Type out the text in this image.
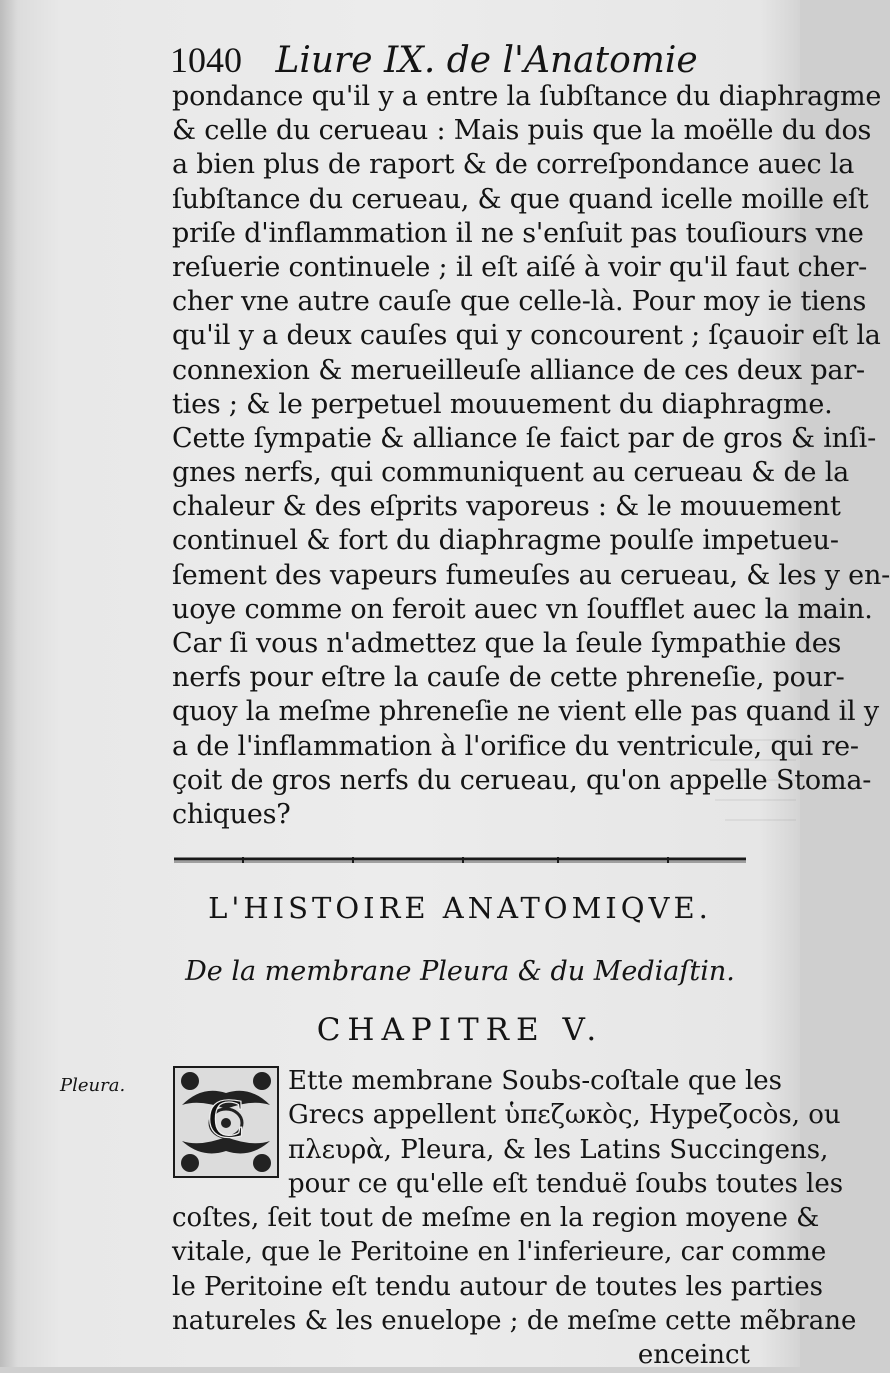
1040 Liure IX. de l'Anatomie
pondance qu'il y a entre la ſubſtance du diaphragme
& celle du cerueau : Mais puis que la moëlle du dos
a bien plus de raport & de correſpondance auec la
ſubſtance du cerueau, & que quand icelle moille eſt
priſe d'inflammation il ne s'enſuit pas touſiours vne
reſuerie continuele ; il eſt aiſé à voir qu'il faut cher-
cher vne autre cauſe que celle-là. Pour moy ie tiens
qu'il y a deux cauſes qui y concourent ; ſçauoir eſt la
connexion & merueilleuſe alliance de ces deux par-
ties ; & le perpetuel mouuement du diaphragme.
Cette ſympatie & alliance ſe faict par de gros & inſi-
gnes nerfs, qui communiquent au cerueau & de la
chaleur & des eſprits vaporeus : & le mouuement
continuel & fort du diaphragme poulſe impetueu-
ſement des vapeurs fumeuſes au cerueau, & les y en-
uoye comme on feroit auec vn ſoufflet auec la main.
Car ſi vous n'admettez que la ſeule ſympathie des
nerfs pour eſtre la cauſe de cette phreneſie, pour-
quoy la meſme phreneſie ne vient elle pas quand il y
a de l'inflammation à l'orifice du ventricule, qui re-
çoit de gros nerfs du cerueau, qu'on appelle Stoma-
chiques?
L'HISTOIRE ANATOMIQVE.
De la membrane Pleura & du Mediaſtin.
CHAPITRE V.
Pleura.
C
Ette membrane Soubs-coſtale que les
Grecs appellent ὑπεζωκὸς, Hypeζocòs, ou
πλευρὰ, Pleura, & les Latins Succingens,
pour ce qu'elle eſt tenduë ſoubs toutes les
coſtes, ſeit tout de meſme en la region moyene &
vitale, que le Peritoine en l'inferieure, car comme
le Peritoine eſt tendu autour de toutes les parties
natureles & les enuelope ; de meſme cette mẽbrane
enceinct
